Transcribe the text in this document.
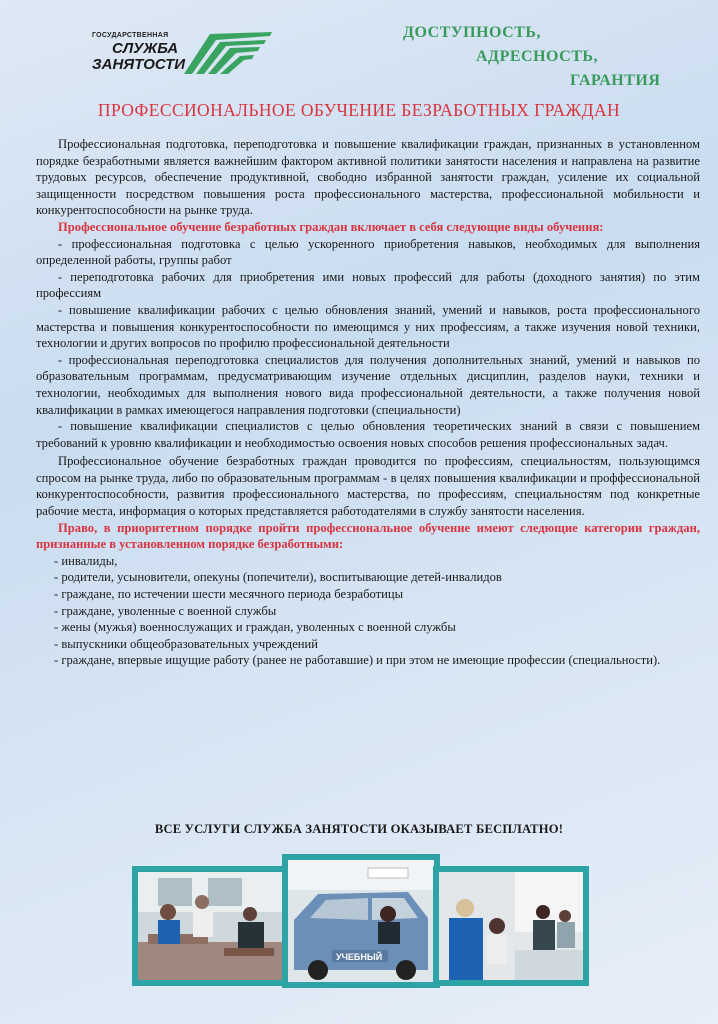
ГОСУДАРСТВЕННАЯ
СЛУЖБА
ЗАНЯТОСТИ
ДОСТУПНОСТЬ,
АДРЕСНОСТЬ,
ГАРАНТИЯ
ПРОФЕССИОНАЛЬНОЕ ОБУЧЕНИЕ БЕЗРАБОТНЫХ ГРАЖДАН

Профессиональная подготовка, переподготовка и повышение квалификации граждан, признанных в установленном порядке безработными является важнейшим фактором активной политики занятости населения и направлена на развитие трудовых ресурсов, обеспечение продуктивной, свободно избранной занятости граждан, усиление их социальной защищенности посредством повышения роста профессионального мастерства, профессиональной мобильности и конкурентоспособности на рынке труда.

Профессиональное обучение безработных граждан включает в себя следующие виды обучения:

- профессиональная подготовка с целью ускоренного приобретения навыков, необходимых для выполнения определенной работы, группы работ

- переподготовка рабочих для приобретения ими новых профессий для работы (доходного занятия) по этим профессиям

- повышение квалификации рабочих с целью обновления знаний, умений и навыков, роста профессионального мастерства и повышения конкурентоспособности по имеющимся у них профессиям, а также изучения новой техники, технологии и других вопросов по профилю профессиональной деятельности

- профессиональная переподготовка специалистов для получения дополнительных знаний, умений и навыков по образовательным программам, предусматривающим изучение отдельных дисциплин, разделов науки, техники и технологии, необходимых для выполнения нового вида профессиональной деятельности, а также получения новой квалификации в рамках имеющегося направления подготовки (специальности)

- повышение квалификации специалистов с целью обновления теоретических знаний в связи с повышением требований к уровню квалификации и необходимостью освоения новых способов решения профессиональных задач.

Профессиональное обучение безработных граждан проводится по профессиям, специальностям, пользующимся спросом на рынке труда, либо по образовательным программам - в целях повышения квалификации и проффессиональной конкурентоспособности, развития профессионального мастерства, по профессиям, специальностям под конкретные рабочие места, информация о которых представляется работодателями в службу занятости населения.

Право, в приоритетном порядке пройти профессиональное обучение имеют следющие категории граждан, признанные в установленном порядке безработными:

- инвалиды,

- родители, усыновители, опекуны (попечители), воспитывающие детей-инвалидов

- граждане, по истечении шести месячного периода безработицы

- граждане, уволенные с военной службы

- жены (мужья) военнослужащих и граждан, уволенных с военной службы

- выпускники общеобразовательных учреждений

- граждане, впервые ищущие работу (ранее не работавшие) и при этом не имеющие профессии (специальности).

ВСЕ УСЛУГИ СЛУЖБА ЗАНЯТОСТИ ОКАЗЫВАЕТ БЕСПЛАТНО!
УЧЕБНЫЙ
